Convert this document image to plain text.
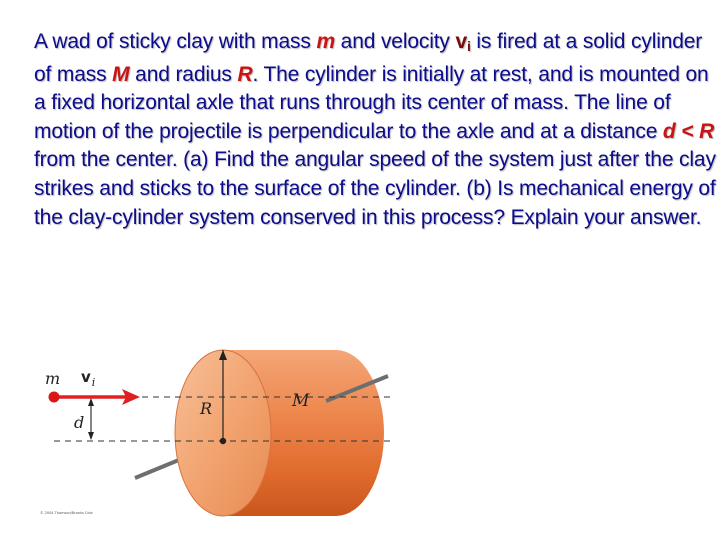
A wad of sticky clay with mass m and velocity $v_i$ is fired at a solid cylinder of mass M and radius R. The cylinder is initially at rest, and is mounted on a fixed horizontal axle that runs through its center of mass. The line of motion of the projectile is perpendicular to the axle and at a distance d < R from the center. (a) Find the angular speed of the system just after the clay strikes and sticks to the surface of the cylinder. (b) Is mechanical energy of the clay-cylinder system conserved in this process? Explain your answer.
m $v_i$
d
R	M
© 2004 Thomson/Brooks Cole
